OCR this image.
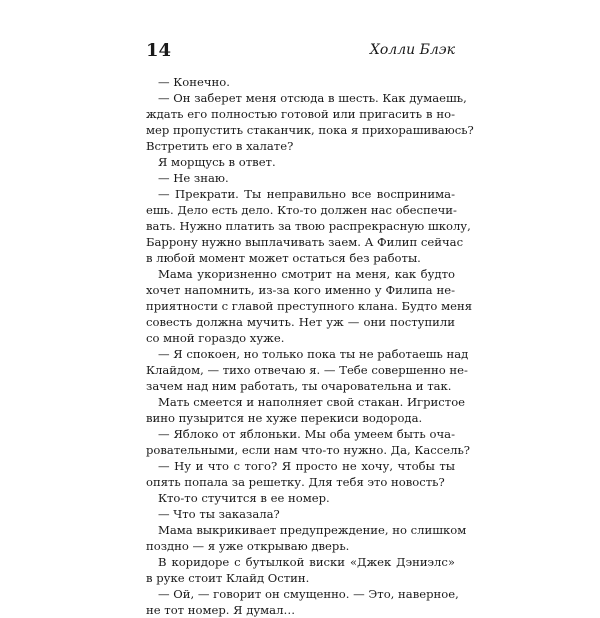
14	Холли Блэк
— Конечно.
— Он заберет меня отсюда в шесть. Как думаешь,
ждать его полностью готовой или пригасить в но-
мер пропустить стаканчик, пока я прихорашиваюсь?
Встретить его в халате?
Я морщусь в ответ.
— Не знаю.
— Прекрати. Ты неправильно все воспринима-
ешь. Дело есть дело. Кто-то должен нас обеспечи-
вать. Нужно платить за твою распрекрасную школу,
Баррону нужно выплачивать заем. А Филип сейчас
в любой момент может остаться без работы.
Мама укоризненно смотрит на меня, как будто
хочет напомнить, из-за кого именно у Филипа не-
приятности с главой преступного клана. Будто меня
совесть должна мучить. Нет уж — они поступили
со мной гораздо хуже.
— Я спокоен, но только пока ты не работаешь над
Клайдом, — тихо отвечаю я. — Тебе совершенно не-
зачем над ним работать, ты очаровательна и так.
Мать смеется и наполняет свой стакан. Игристое
вино пузырится не хуже перекиси водорода.
— Яблоко от яблоньки. Мы оба умеем быть оча-
ровательными, если нам что-то нужно. Да, Кассель?
— Ну и что с того? Я просто не хочу, чтобы ты
опять попала за решетку. Для тебя это новость?
Кто-то стучится в ее номер.
— Что ты заказала?
Мама выкрикивает предупреждение, но слишком
поздно — я уже открываю дверь.
В коридоре с бутылкой виски «Джек Дэниэлс»
в руке стоит Клайд Остин.
— Ой, — говорит он смущенно. — Это, наверное,
не тот номер. Я думал…
